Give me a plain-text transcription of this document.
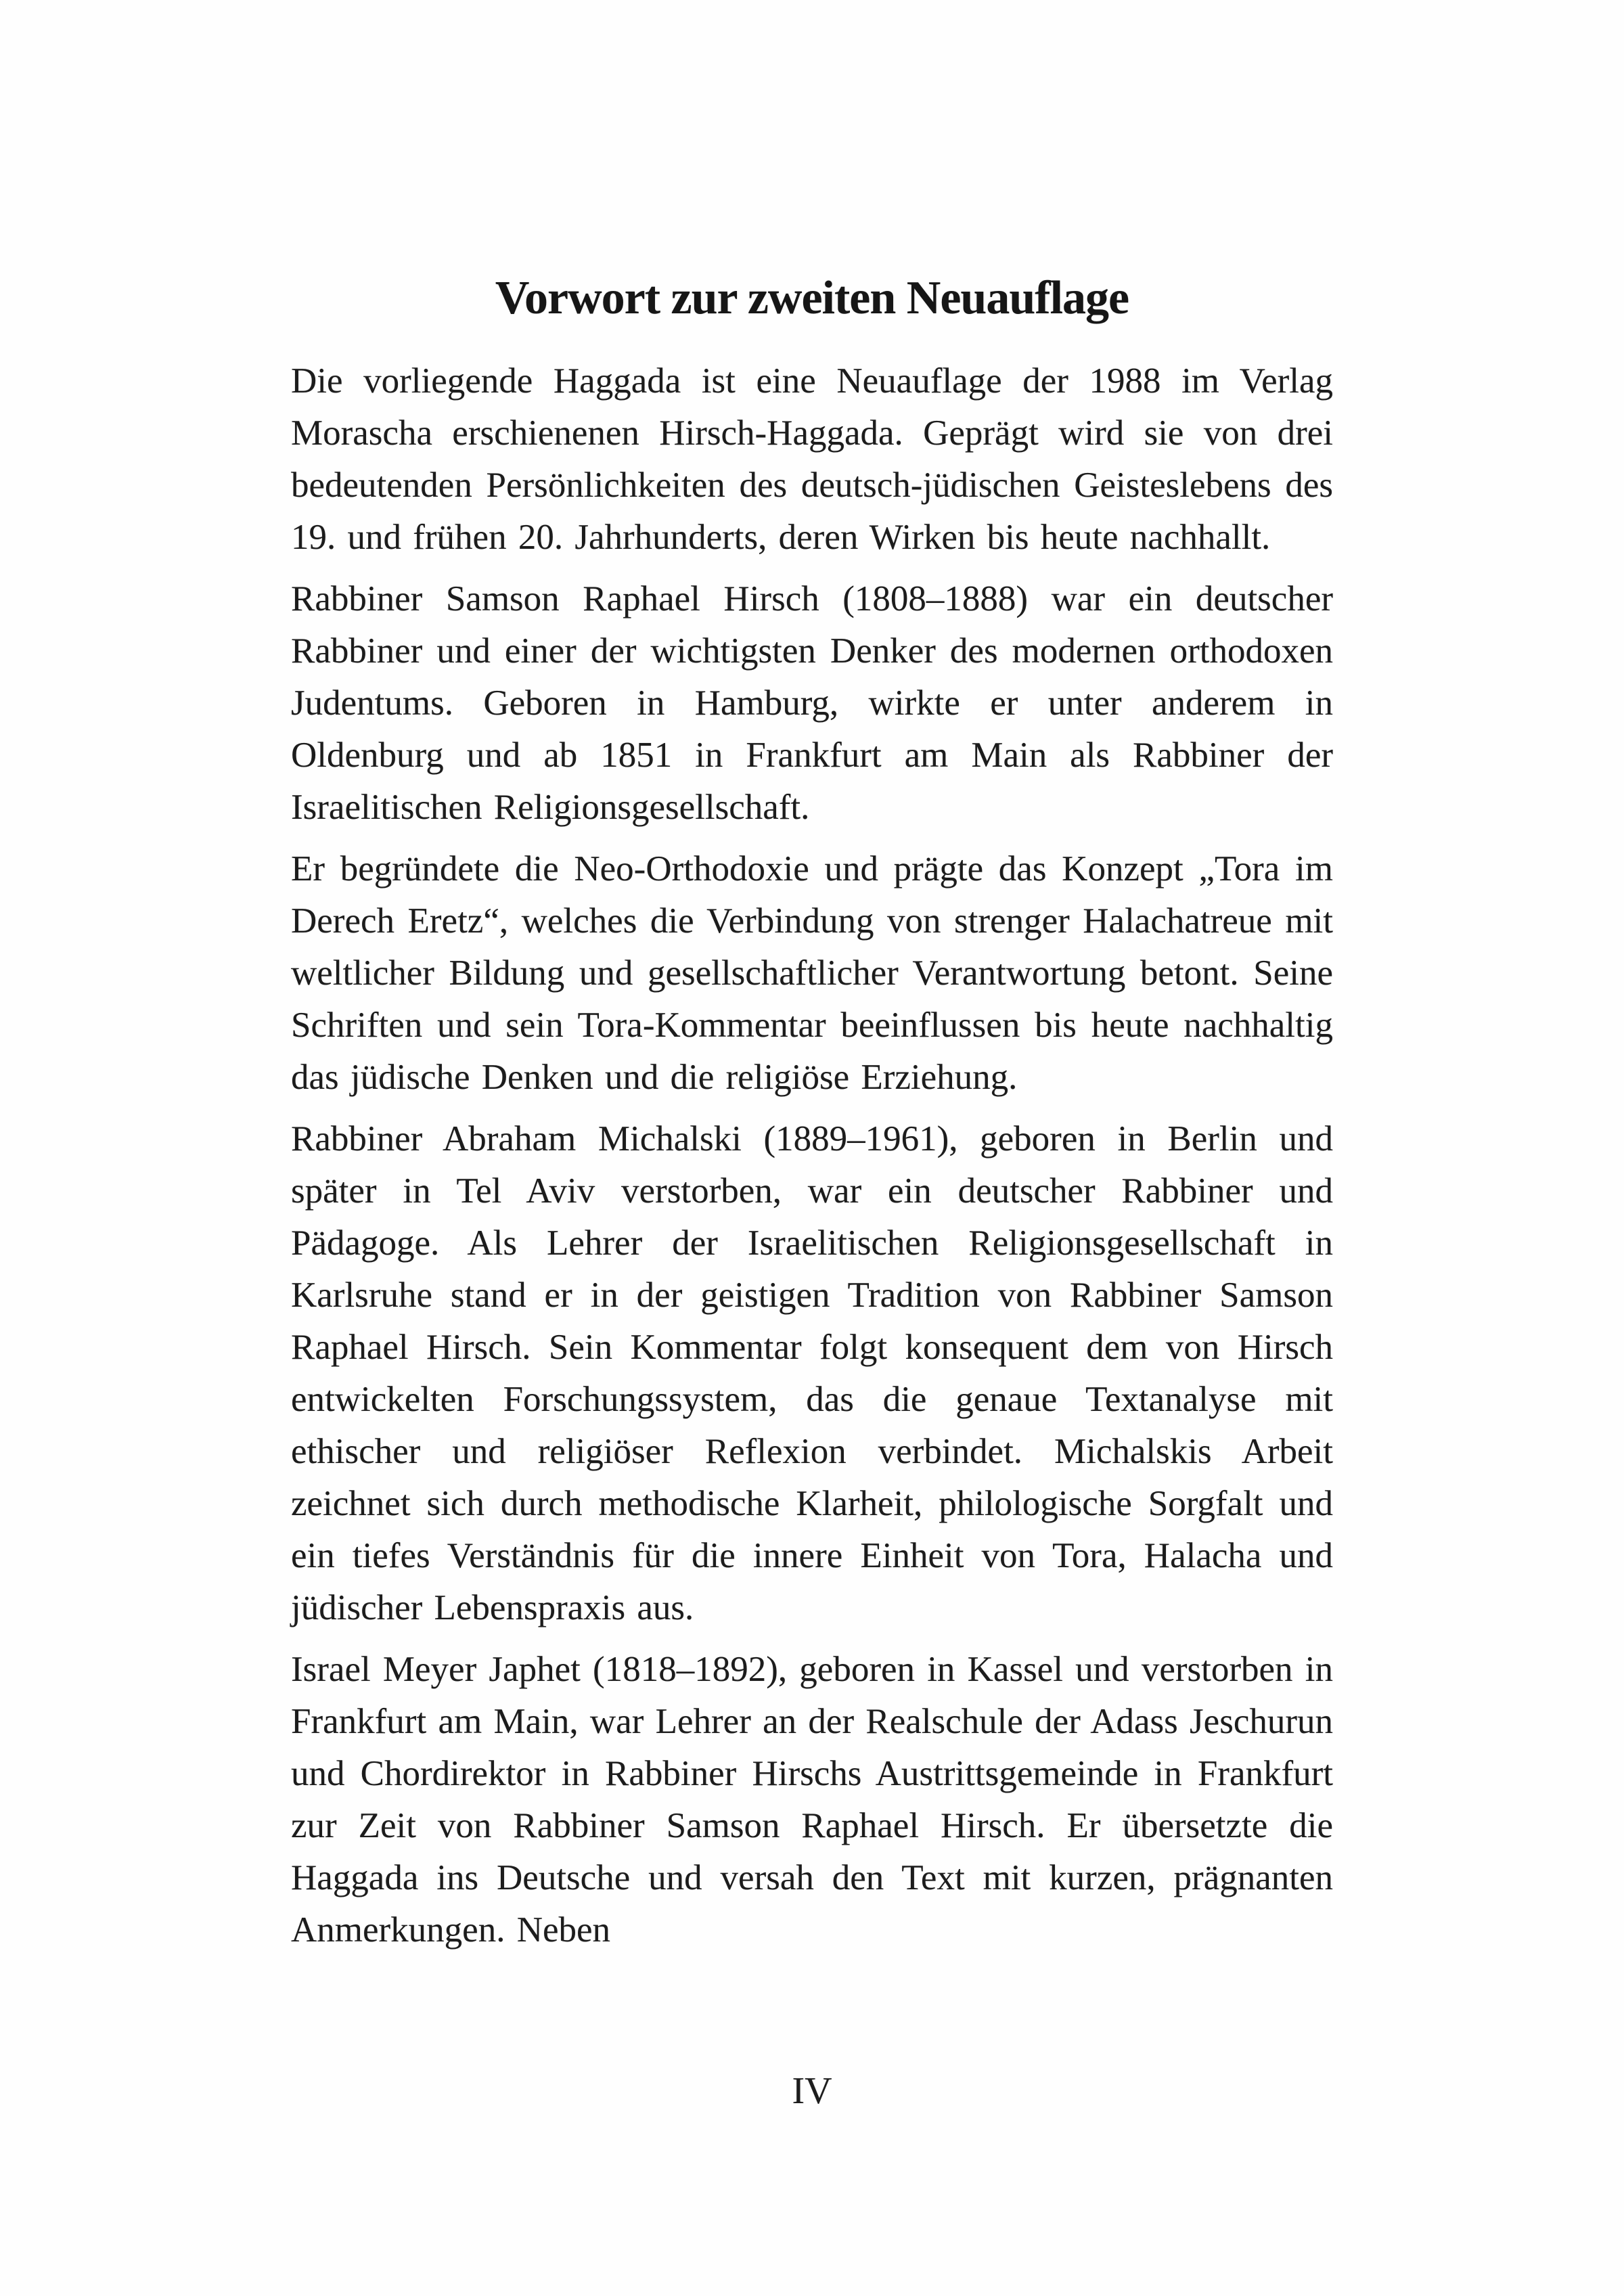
Vorwort zur zweiten Neuauflage

Die vorliegende Haggada ist eine Neuauflage der 1988 im Verlag Morascha erschienenen Hirsch-Haggada. Geprägt wird sie von drei bedeutenden Persönlichkeiten des deutsch-jüdischen Geisteslebens des 19. und frühen 20. Jahrhunderts, deren Wirken bis heute nachhallt.

Rabbiner Samson Raphael Hirsch (1808–1888) war ein deutscher Rabbiner und einer der wichtigsten Denker des modernen orthodoxen Judentums. Geboren in Hamburg, wirkte er unter anderem in Oldenburg und ab 1851 in Frankfurt am Main als Rabbiner der Israelitischen Religionsgesellschaft.

Er begründete die Neo-Orthodoxie und prägte das Konzept „Tora im Derech Eretz“, welches die Verbindung von strenger Halachatreue mit weltlicher Bildung und gesellschaftlicher Verantwortung betont. Seine Schriften und sein Tora-Kommentar beeinflussen bis heute nachhaltig das jüdische Denken und die religiöse Erziehung.

Rabbiner Abraham Michalski (1889–1961), geboren in Berlin und später in Tel Aviv verstorben, war ein deutscher Rabbiner und Pädagoge. Als Lehrer der Israelitischen Religionsgesellschaft in Karlsruhe stand er in der geistigen Tradition von Rabbiner Samson Raphael Hirsch. Sein Kommentar folgt konsequent dem von Hirsch entwickelten Forschungssystem, das die genaue Textanalyse mit ethischer und religiöser Reflexion verbindet. Michalskis Arbeit zeichnet sich durch methodische Klarheit, philologische Sorgfalt und ein tiefes Verständnis für die innere Einheit von Tora, Halacha und jüdischer Lebenspraxis aus.

Israel Meyer Japhet (1818–1892), geboren in Kassel und verstorben in Frankfurt am Main, war Lehrer an der Realschule der Adass Jeschurun und Chordirektor in Rabbiner Hirschs Austrittsgemeinde in Frankfurt zur Zeit von Rabbiner Samson Raphael Hirsch. Er übersetzte die Haggada ins Deutsche und versah den Text mit kurzen, prägnanten Anmerkungen. Neben

IV
